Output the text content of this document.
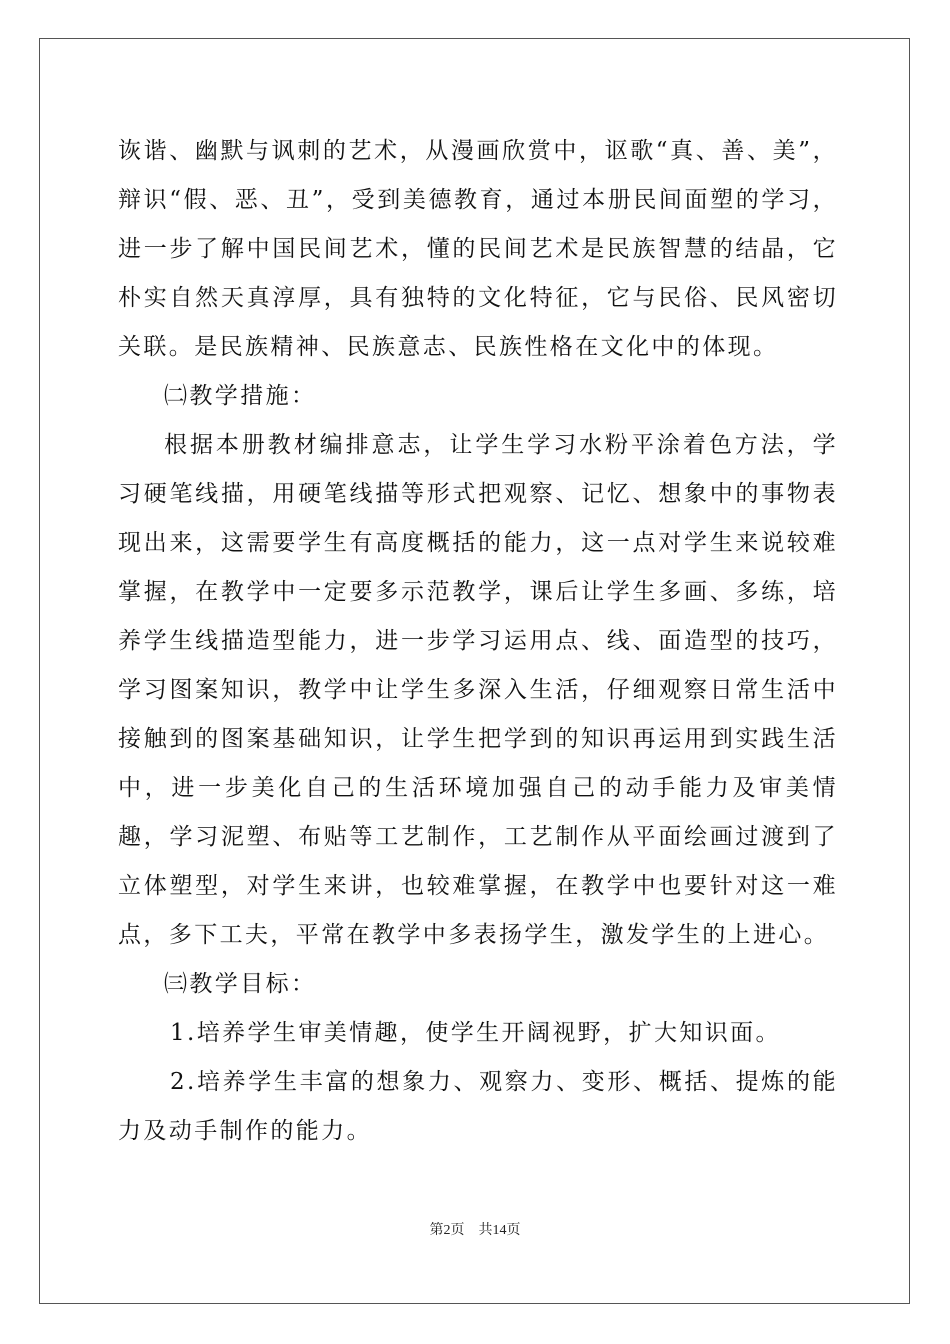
诙谐、幽默与讽刺的艺术，从漫画欣赏中，讴歌“真、善、美”，辩识“假、恶、丑”，受到美德教育，通过本册民间面塑的学习，进一步了解中国民间艺术，懂的民间艺术是民族智慧的结晶，它朴实自然天真淳厚，具有独特的文化特征，它与民俗、民风密切关联。是民族精神、民族意志、民族性格在文化中的体现。

㈡教学措施：

根据本册教材编排意志，让学生学习水粉平涂着色方法，学习硬笔线描，用硬笔线描等形式把观察、记忆、想象中的事物表现出来，这需要学生有高度概括的能力，这一点对学生来说较难掌握，在教学中一定要多示范教学，课后让学生多画、多练，培养学生线描造型能力，进一步学习运用点、线、面造型的技巧，学习图案知识，教学中让学生多深入生活，仔细观察日常生活中接触到的图案基础知识，让学生把学到的知识再运用到实践生活中，进一步美化自己的生活环境加强自己的动手能力及审美情趣，学习泥塑、布贴等工艺制作，工艺制作从平面绘画过渡到了立体塑型，对学生来讲，也较难掌握，在教学中也要针对这一难点，多下工夫，平常在教学中多表扬学生，激发学生的上进心。

㈢教学目标：

1.培养学生审美情趣，使学生开阔视野，扩大知识面。

2.培养学生丰富的想象力、观察力、变形、概括、提炼的能力及动手制作的能力。

第2页 共14页
